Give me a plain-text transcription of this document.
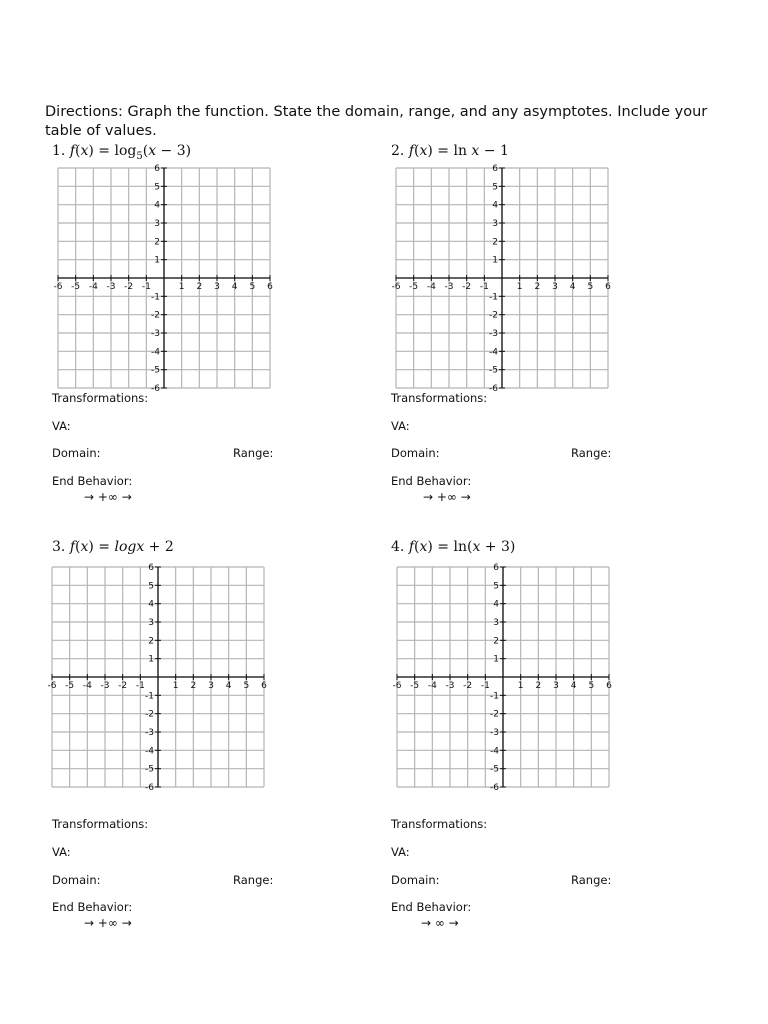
Directions: Graph the function. State the domain, range, and any asymptotes. Include your table of values.
1. $f(x) = \log_5(x - 3)$
-6 -5 -4 -3 -2 -1	1 2 3 4 5 6
6
5
4
3
2
1
-1
-2
-3
-4
-5
-6
Transformations:
VA:
Domain:	Range:
End Behavior:
→ +∞ →
2. f(x) = ln x − 1
-6 -5 -4 -3 -2 -1	1 2 3 4 5 6
6
5
4
3
2
1
-1
-2
-3
-4
-5
-6
Transformations:
VA:
Domain:	Range:
End Behavior:
→ +∞ →
3. f(x) = logx + 2
-6 -5 -4 -3 -2 -1	1 2 3 4 5 6
6
5
4
3
2
1
-1
-2
-3
-4
-5
-6
Transformations:
VA:
Domain:	Range:
End Behavior:
→ +∞ →
4. f(x) = ln(x + 3)
-6 -5 -4 -3 -2 -1	1 2 3 4 5 6
6
5
4
3
2
1
-1
-2
-3
-4
-5
-6
Transformations:
VA:
Domain:	Range:
End Behavior:
→ ∞ →
